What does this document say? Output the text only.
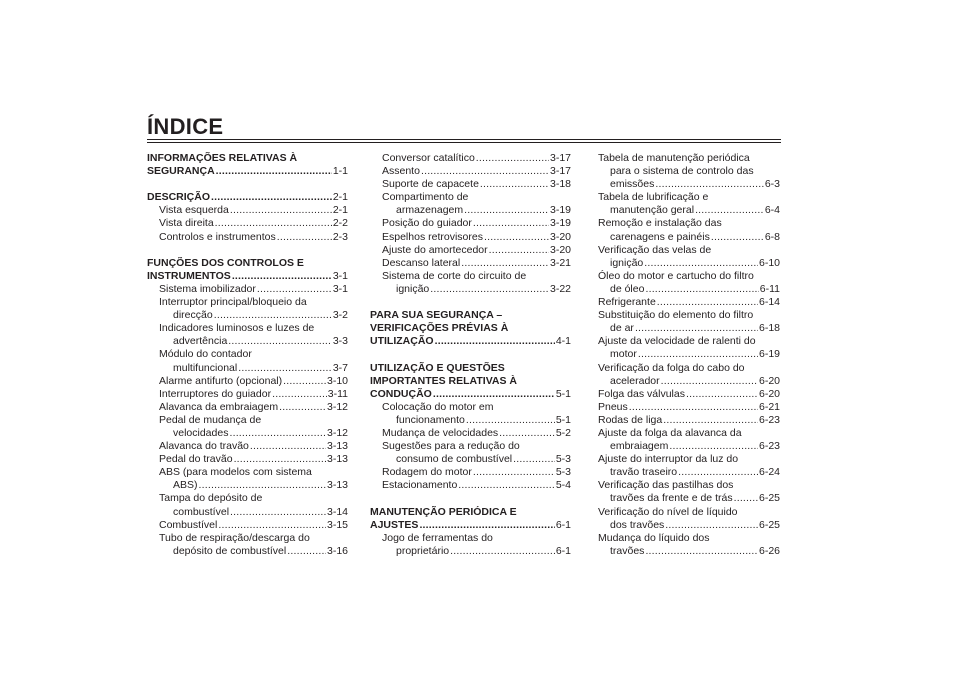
ÍNDICE
INFORMAÇÕES RELATIVAS À
SEGURANÇA .....	1-1
DESCRIÇÃO .....	2-1
Vista esquerda .....	2-1
Vista direita .....	2-2
Controlos e instrumentos .....	2-3
FUNÇÕES DOS CONTROLOS E
INSTRUMENTOS .....	3-1
Sistema imobilizador .....	3-1
Interruptor principal/bloqueio da
direcção .....	3-2
Indicadores luminosos e luzes de
advertência .....	3-3
Módulo do contador
multifuncional .....	3-7
Alarme antifurto (opcional) .....	3-10
Interruptores do guiador .....	3-11
Alavanca da embraiagem .....	3-12
Pedal de mudança de
velocidades .....	3-12
Alavanca do travão .....	3-13
Pedal do travão .....	3-13
ABS (para modelos com sistema
ABS) .....	3-13
Tampa do depósito de
combustível .....	3-14
Combustível .....	3-15
Tubo de respiração/descarga do
depósito de combustível .....	3-16
Conversor catalítico .....	3-17
Assento .....	3-17
Suporte de capacete .....	3-18
Compartimento de
armazenagem .....	3-19
Posição do guiador .....	3-19
Espelhos retrovisores .....	3-20
Ajuste do amortecedor .....	3-20
Descanso lateral .....	3-21
Sistema de corte do circuito de
ignição .....	3-22
PARA SUA SEGURANÇA –
VERIFICAÇÕES PRÉVIAS À
UTILIZAÇÃO .....	4-1
UTILIZAÇÃO E QUESTÕES
IMPORTANTES RELATIVAS À
CONDUÇÃO .....	5-1
Colocação do motor em
funcionamento .....	5-1
Mudança de velocidades .....	5-2
Sugestões para a redução do
consumo de combustível .....	5-3
Rodagem do motor .....	5-3
Estacionamento .....	5-4
MANUTENÇÃO PERIÓDICA E
AJUSTES .....	6-1
Jogo de ferramentas do
proprietário .....	6-1
Tabela de manutenção periódica
para o sistema de controlo das
emissões .....	6-3
Tabela de lubrificação e
manutenção geral .....	6-4
Remoção e instalação das
carenagens e painéis .....	6-8
Verificação das velas de
ignição .....	6-10
Óleo do motor e cartucho do filtro
de óleo .....	6-11
Refrigerante .....	6-14
Substituição do elemento do filtro
de ar .....	6-18
Ajuste da velocidade de ralenti do
motor .....	6-19
Verificação da folga do cabo do
acelerador .....	6-20
Folga das válvulas .....	6-20
Pneus .....	6-21
Rodas de liga .....	6-23
Ajuste da folga da alavanca da
embraiagem .....	6-23
Ajuste do interruptor da luz do
travão traseiro .....	6-24
Verificação das pastilhas dos
travões da frente e de trás .....	6-25
Verificação do nível de líquido
dos travões .....	6-25
Mudança do líquido dos
travões .....	6-26
